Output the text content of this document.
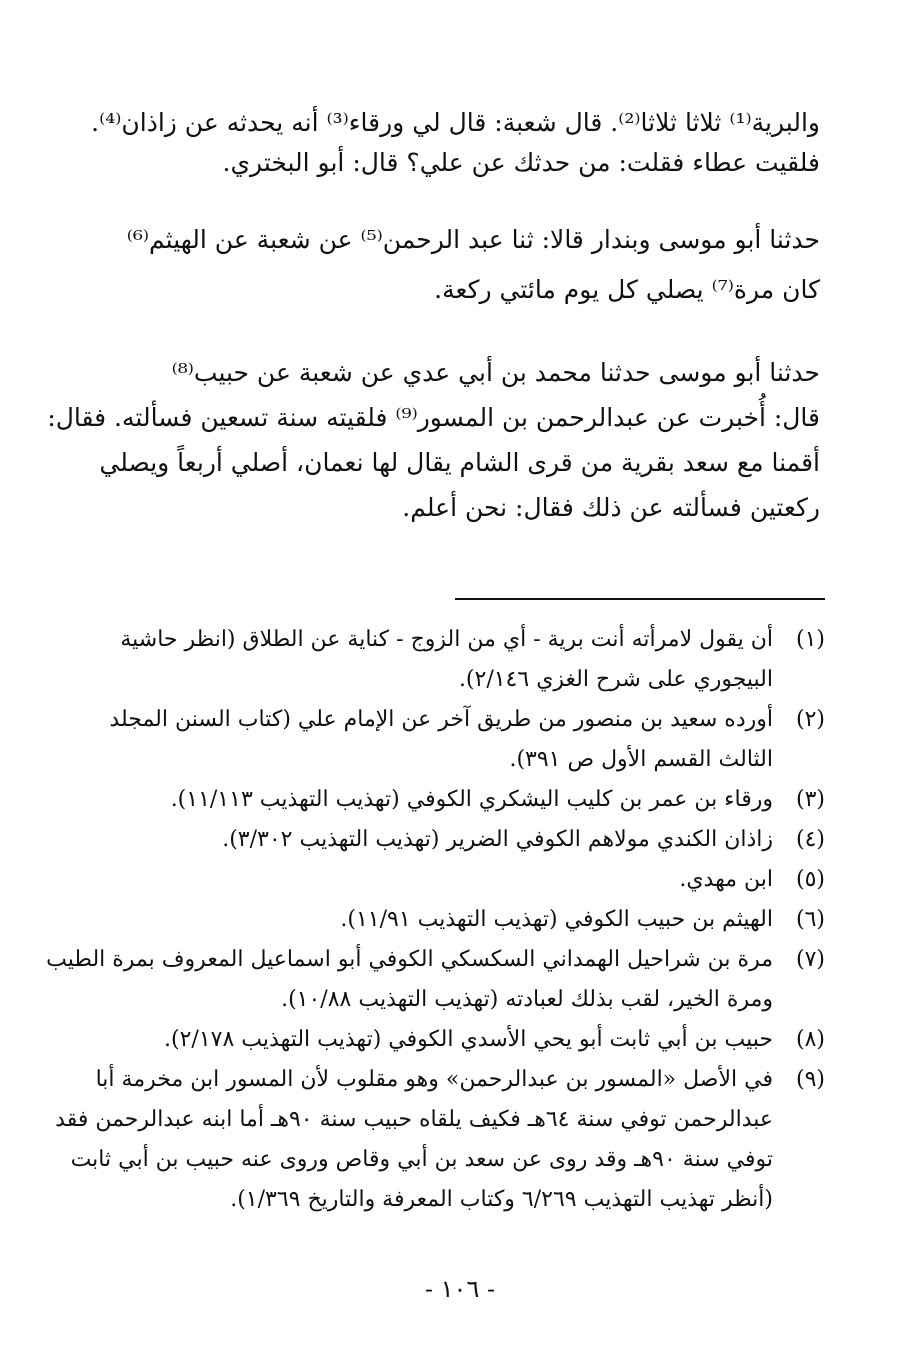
والبرية⁽¹⁾ ثلاثا ثلاثا⁽²⁾. قال شعبة: قال لي ورقاء⁽³⁾ أنه يحدثه عن زاذان⁽⁴⁾.
فلقيت عطاء فقلت: من حدثك عن علي؟ قال: أبو البختري.
حدثنا أبو موسى وبندار قالا: ثنا عبد الرحمن⁽⁵⁾ عن شعبة عن الهيثم⁽⁶⁾
كان مرة⁽⁷⁾ يصلي كل يوم مائتي ركعة.
حدثنا أبو موسى حدثنا محمد بن أبي عدي عن شعبة عن حبيب⁽⁸⁾
قال: أُخبرت عن عبدالرحمن بن المسور⁽⁹⁾ فلقيته سنة تسعين فسألته. فقال:
أقمنا مع سعد بقرية من قرى الشام يقال لها نعمان، أصلي أربعاً ويصلي
ركعتين فسألته عن ذلك فقال: نحن أعلم.
(١)
أن يقول لامرأته أنت برية - أي من الزوج - كناية عن الطلاق (انظر حاشية
البيجوري على شرح الغزي ٢/١٤٦).
(٢)
أورده سعيد بن منصور من طريق آخر عن الإمام علي (كتاب السنن المجلد
الثالث القسم الأول ص ٣٩١).
(٣)
ورقاء بن عمر بن كليب اليشكري الكوفي (تهذيب التهذيب ١١/١١٣).
(٤)
زاذان الكندي مولاهم الكوفي الضرير (تهذيب التهذيب ٣/٣٠٢).
(٥)
ابن مهدي.
(٦)
الهيثم بن حبيب الكوفي (تهذيب التهذيب ١١/٩١).
(٧)
مرة بن شراحيل الهمداني السكسكي الكوفي أبو اسماعيل المعروف بمرة الطيب
ومرة الخير، لقب بذلك لعبادته (تهذيب التهذيب ١٠/٨٨).
(٨)
حبيب بن أبي ثابت أبو يحي الأسدي الكوفي (تهذيب التهذيب ٢/١٧٨).
(٩)
في الأصل «المسور بن عبدالرحمن» وهو مقلوب لأن المسور ابن مخرمة أبا
عبدالرحمن توفي سنة ٦٤هـ فكيف يلقاه حبيب سنة ٩٠هـ أما ابنه عبدالرحمن فقد
توفي سنة ٩٠هـ وقد روى عن سعد بن أبي وقاص وروى عنه حبيب بن أبي ثابت
(أنظر تهذيب التهذيب ٦/٢٦٩ وكتاب المعرفة والتاريخ ١/٣٦٩).
- ١٠٦ -
